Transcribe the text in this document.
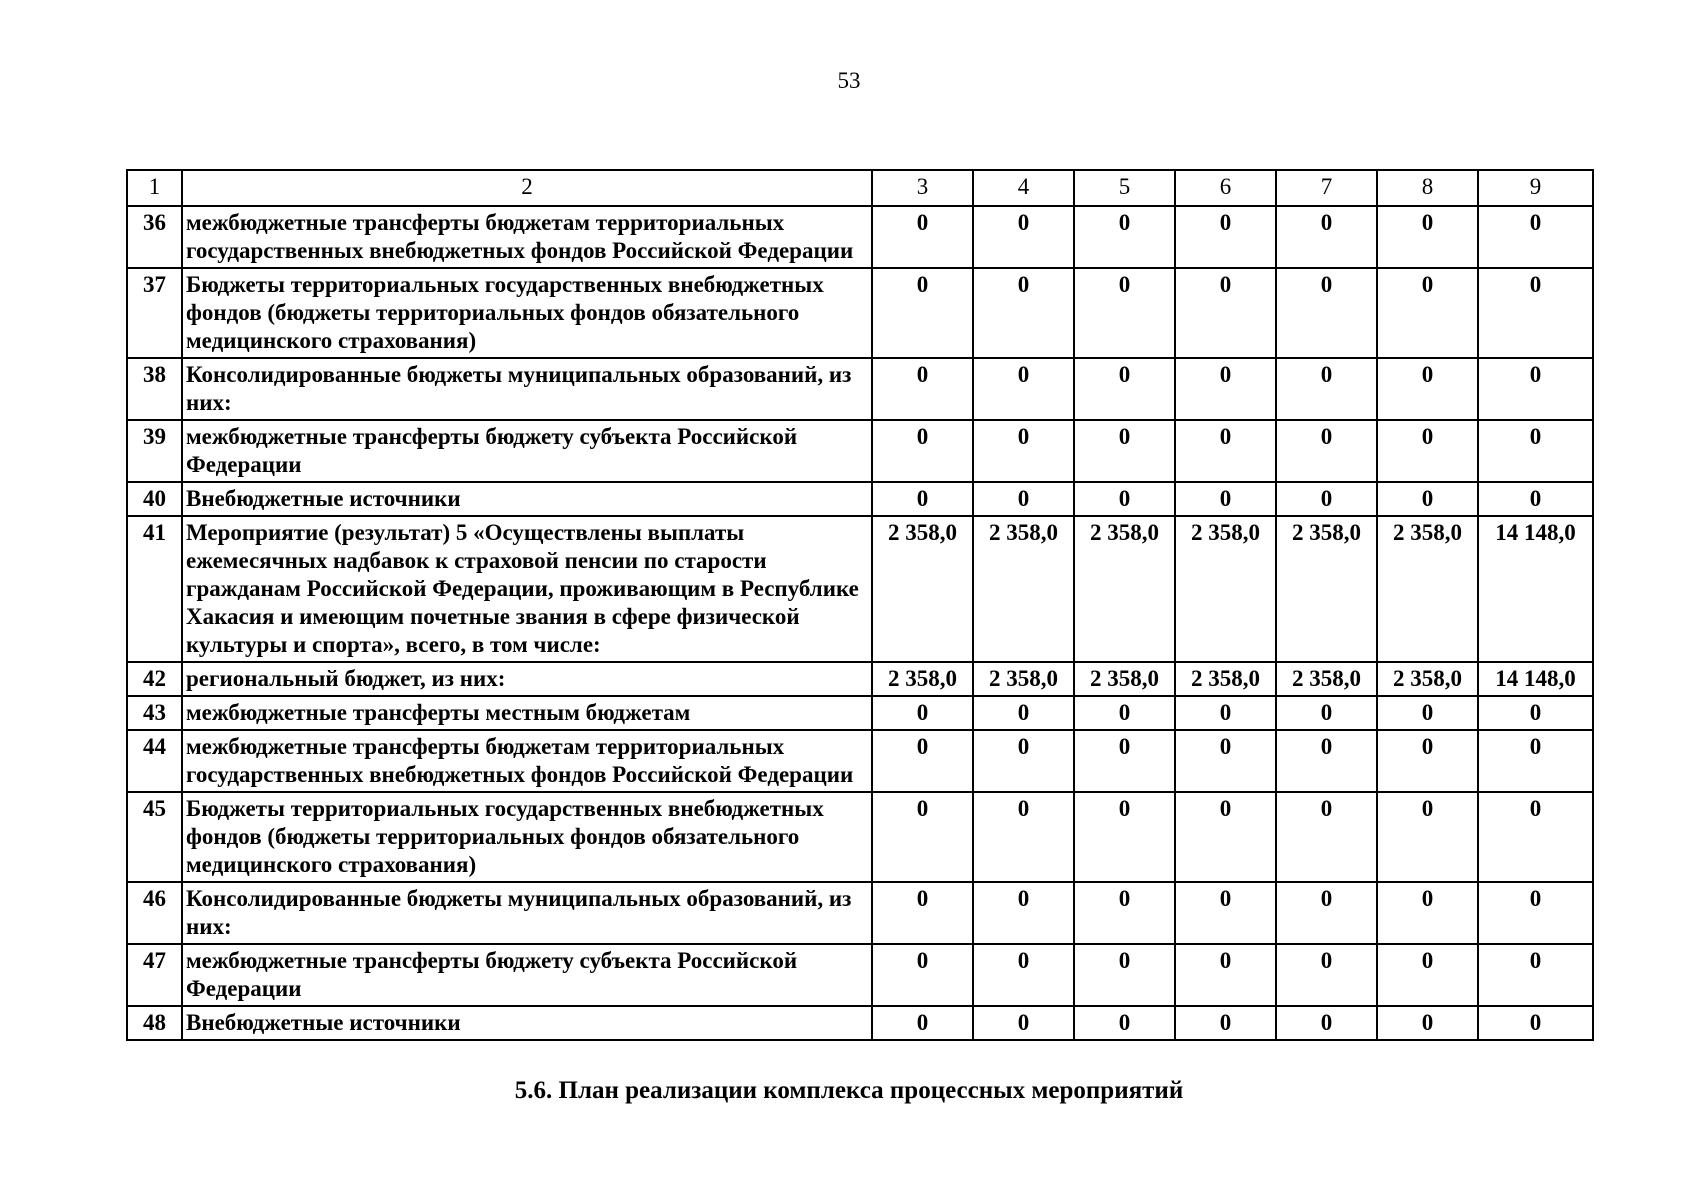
53
1	2	3	4	5	6	7	8	9
36	межбюджетные трансферты бюджетам территориальных государственных внебюджетных фондов Российской Федерации	0	0	0	0	0	0	0
37	Бюджеты территориальных государственных внебюджетных фондов (бюджеты территориальных фондов обязательного медицинского страхования)	0	0	0	0	0	0	0
38	Консолидированные бюджеты муниципальных образований, из них:	0	0	0	0	0	0	0
39	межбюджетные трансферты бюджету субъекта Российской Федерации	0	0	0	0	0	0	0
40	Внебюджетные источники	0	0	0	0	0	0	0
41	Мероприятие (результат) 5 «Осуществлены выплаты ежемесячных надбавок к страховой пенсии по старости гражданам Российской Федерации, проживающим в Республике Хакасия и имеющим почетные звания в сфере физической культуры и спорта», всего, в том числе:	2 358,0	2 358,0	2 358,0	2 358,0	2 358,0	2 358,0	14 148,0
42	региональный бюджет, из них:	2 358,0	2 358,0	2 358,0	2 358,0	2 358,0	2 358,0	14 148,0
43	межбюджетные трансферты местным бюджетам	0	0	0	0	0	0	0
44	межбюджетные трансферты бюджетам территориальных государственных внебюджетных фондов Российской Федерации	0	0	0	0	0	0	0
45	Бюджеты территориальных государственных внебюджетных фондов (бюджеты территориальных фондов обязательного медицинского страхования)	0	0	0	0	0	0	0
46	Консолидированные бюджеты муниципальных образований, из них:	0	0	0	0	0	0	0
47	межбюджетные трансферты бюджету субъекта Российской Федерации	0	0	0	0	0	0	0
48	Внебюджетные источники	0	0	0	0	0	0	0
5.6. План реализации комплекса процессных мероприятий
